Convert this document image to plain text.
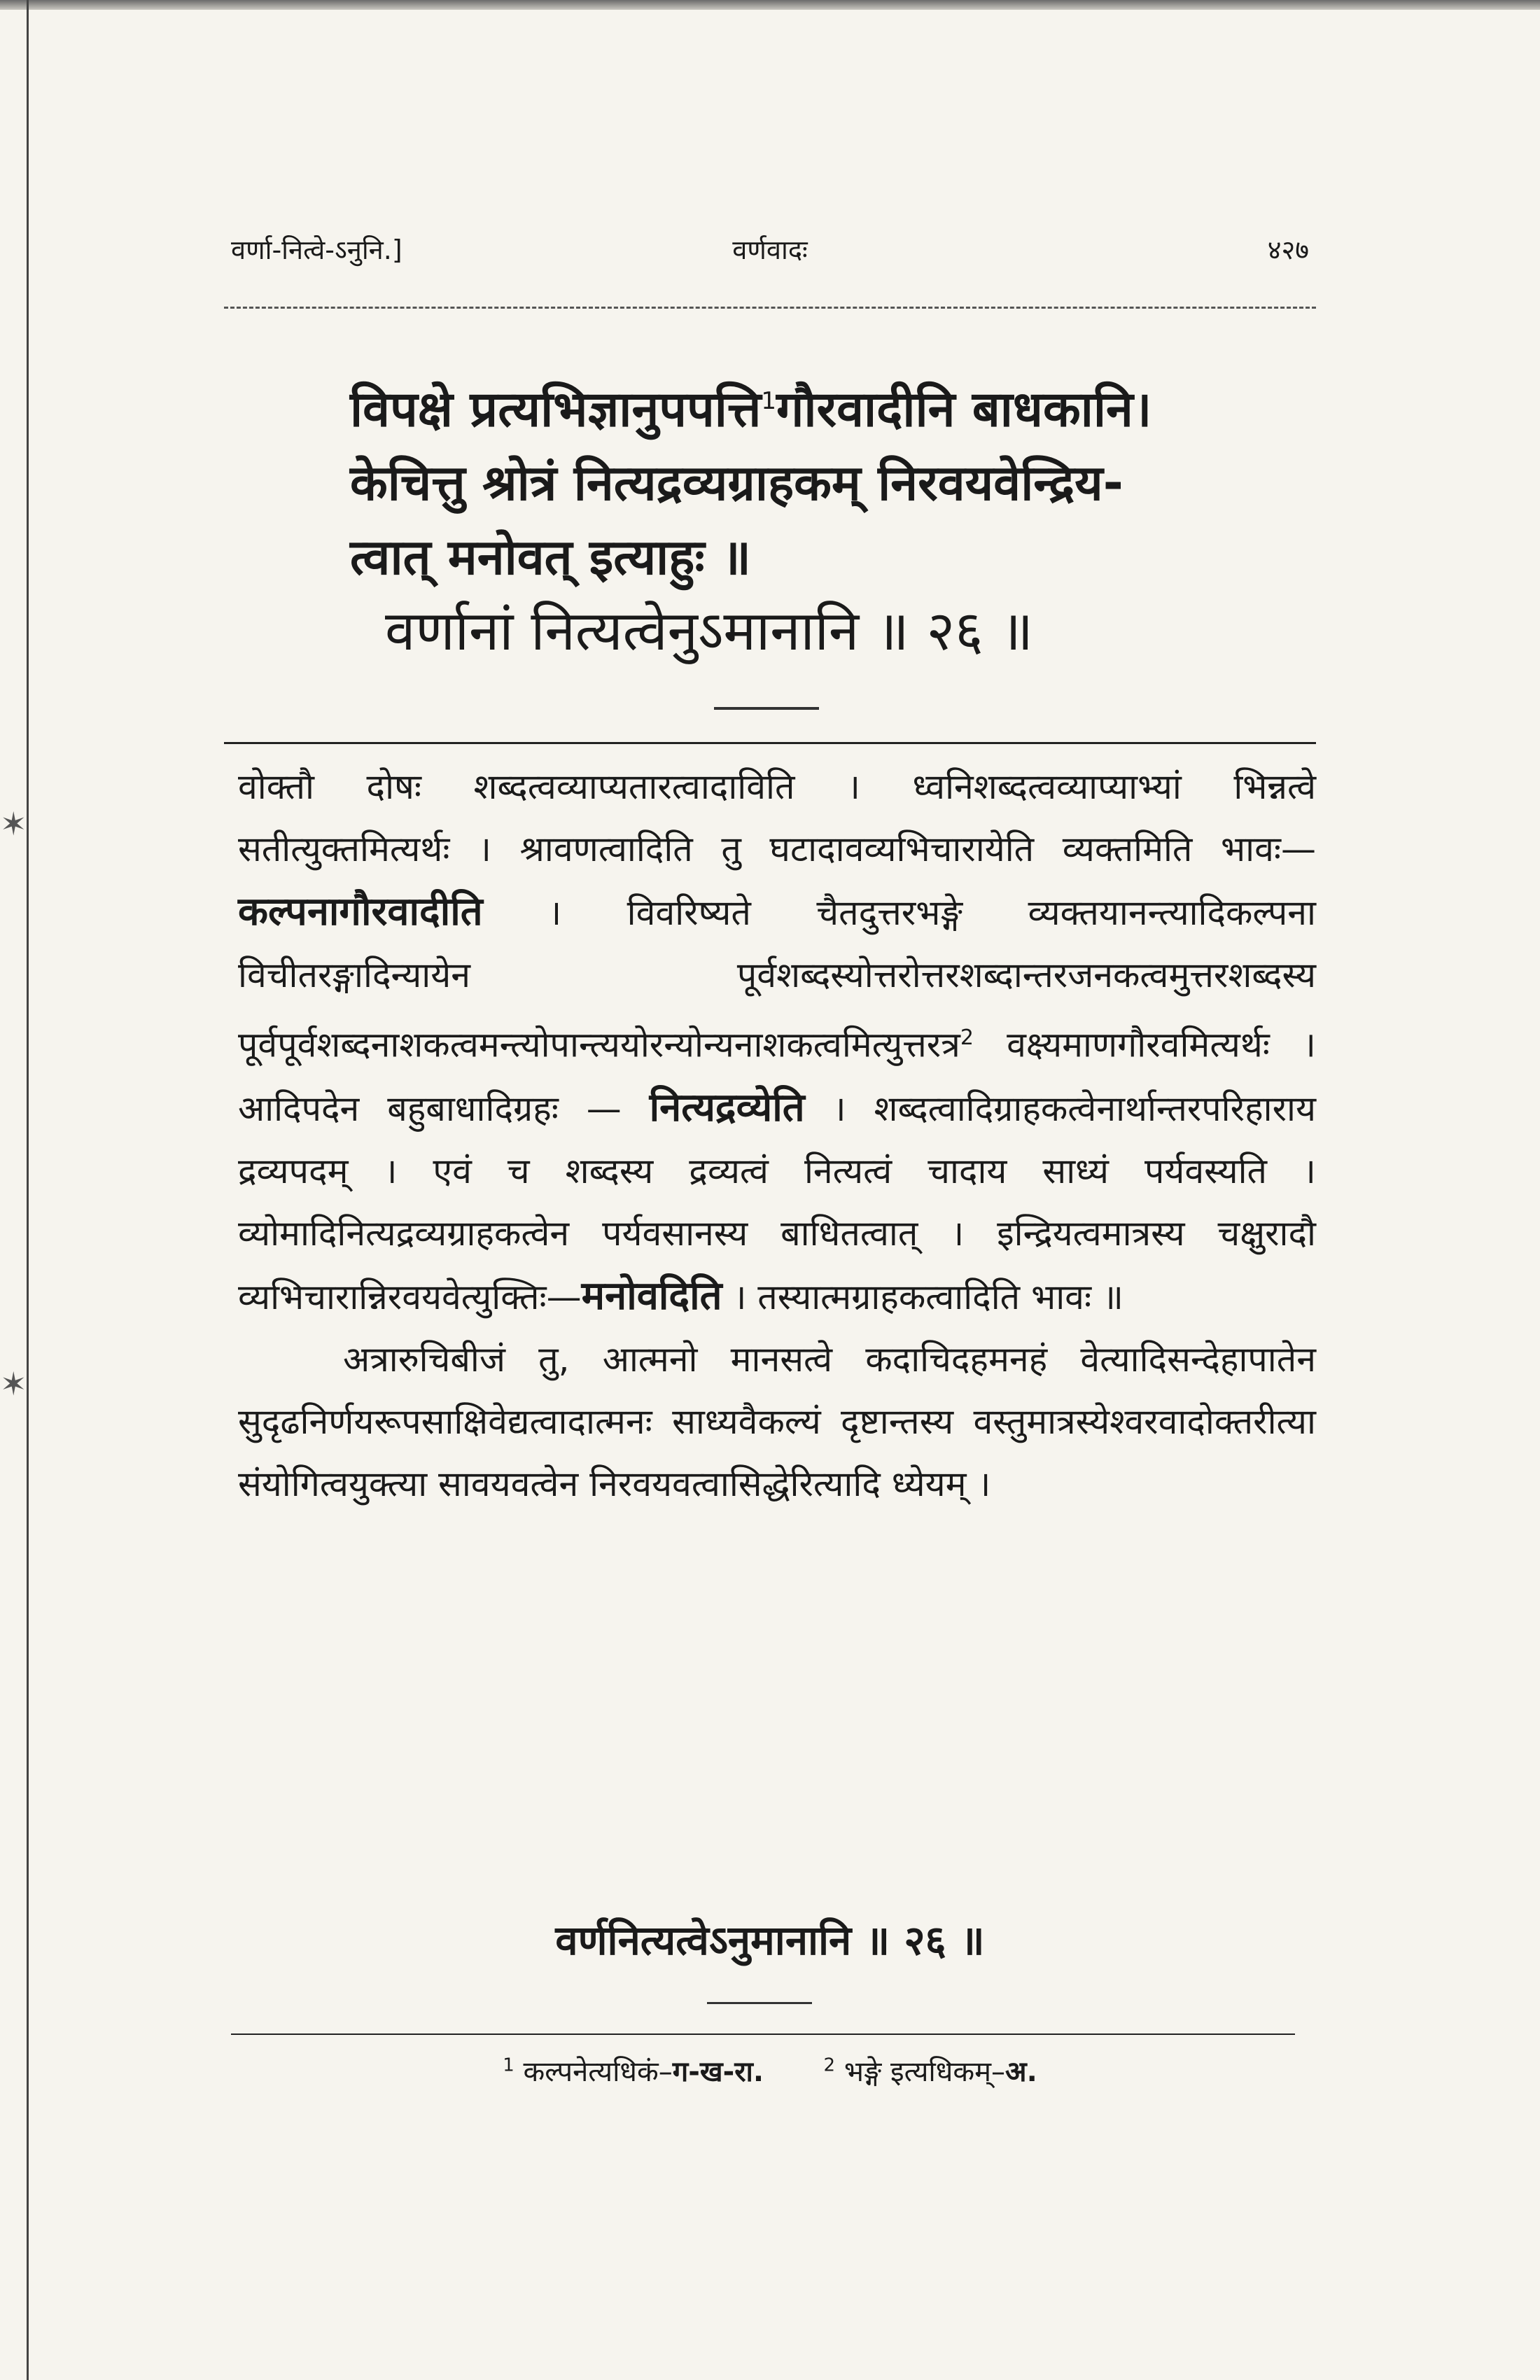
✶
✶
वर्णा-नित्वे-ऽनुनि.]	वर्णवादः	४२७
विपक्षे प्रत्यभिज्ञानुपपत्ति$^1$गौरवादीनि बाधकानि।
केचित्तु श्रोत्रं नित्यद्रव्यग्राहकम् निरवयवेन्द्रिय-
त्वात् मनोवत् इत्याहुः ॥
वर्णानां नित्यत्वेनुऽमानानि ॥ २६ ॥

वोक्तौ दोषः शब्दत्वव्याप्यतारत्वादाविति । ध्वनिशब्दत्वव्याप्याभ्यां भिन्नत्वे सतीत्युक्तमित्यर्थः । श्रावणत्वादिति तु घटादावव्यभिचारायेति व्यक्तमिति भावः—कल्पनागौरवादीति । विवरिष्यते चैतदुत्तरभङ्गे व्यक्तयानन्त्यादिकल्पना विचीतरङ्गादिन्यायेन पूर्वशब्दस्योत्तरोत्तरशब्दान्तरजनकत्वमुत्तरशब्दस्य पूर्वपूर्वशब्दनाशकत्वमन्त्योपान्त्ययोरन्योन्यनाशकत्वमित्युत्तरत्र$^2$ वक्ष्यमाणगौरवमित्यर्थः । आदिपदेन बहुबाधादिग्रहः — नित्यद्रव्येति । शब्दत्वादिग्राहकत्वेनार्थान्तरपरिहाराय द्रव्यपदम् । एवं च शब्दस्य द्रव्यत्वं नित्यत्वं चादाय साध्यं पर्यवस्यति । व्योमादिनित्यद्रव्यग्राहकत्वेन पर्यवसानस्य बाधितत्वात् । इन्द्रियत्वमात्रस्य चक्षुरादौ व्यभिचारान्निरवयवेत्युक्तिः—मनोवदिति । तस्यात्मग्राहकत्वादिति भावः ॥

अत्रारुचिबीजं तु, आत्मनो मानसत्वे कदाचिदहमनहं वेत्यादिसन्देहापातेन सुदृढनिर्णयरूपसाक्षिवेद्यत्वादात्मनः साध्यवैकल्यं दृष्टान्तस्य वस्तुमात्रस्येश्वरवादोक्तरीत्या संयोगित्वयुक्त्या सावयवत्वेन निरवयवत्वासिद्धेरित्यादि ध्येयम् ।

वर्णनित्यत्वेऽनुमानानि ॥ २६ ॥
$^1$ कल्पनेत्यधिकं–ग-ख-रा.	$^2$ भङ्गे इत्यधिकम्–अ.
